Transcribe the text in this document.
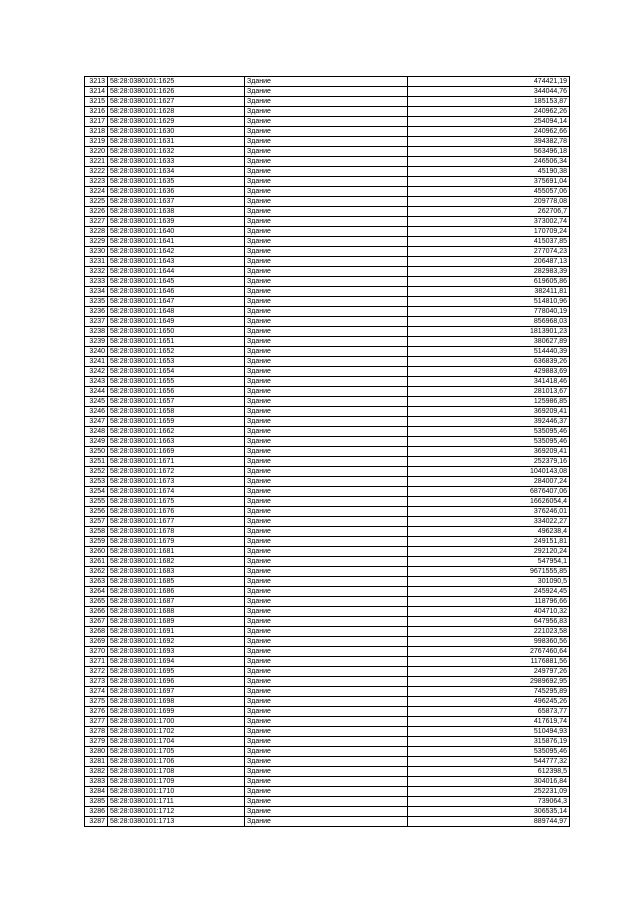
3213	58:28:0380101:1625	Здание	474421,19
3214	58:28:0380101:1626	Здание	344044,76
3215	58:28:0380101:1627	Здание	185153,87
3216	58:28:0380101:1628	Здание	240962,26
3217	58:28:0380101:1629	Здание	254094,14
3218	58:28:0380101:1630	Здание	240962,66
3219	58:28:0380101:1631	Здание	394382,78
3220	58:28:0380101:1632	Здание	563496,18
3221	58:28:0380101:1633	Здание	246506,34
3222	58:28:0380101:1634	Здание	45190,38
3223	58:28:0380101:1635	Здание	375691,04
3224	58:28:0380101:1636	Здание	455057,06
3225	58:28:0380101:1637	Здание	209778,08
3226	58:28:0380101:1638	Здание	262706,7
3227	58:28:0380101:1639	Здание	373002,74
3228	58:28:0380101:1640	Здание	170709,24
3229	58:28:0380101:1641	Здание	415037,85
3230	58:28:0380101:1642	Здание	277074,23
3231	58:28:0380101:1643	Здание	206487,13
3232	58:28:0380101:1644	Здание	282983,39
3233	58:28:0380101:1645	Здание	619605,86
3234	58:28:0380101:1646	Здание	382411,81
3235	58:28:0380101:1647	Здание	514810,96
3236	58:28:0380101:1648	Здание	778040,19
3237	58:28:0380101:1649	Здание	856968,03
3238	58:28:0380101:1650	Здание	1813901,23
3239	58:28:0380101:1651	Здание	380627,89
3240	58:28:0380101:1652	Здание	514440,39
3241	58:28:0380101:1653	Здание	636839,26
3242	58:28:0380101:1654	Здание	429883,69
3243	58:28:0380101:1655	Здание	341418,46
3244	58:28:0380101:1656	Здание	281013,67
3245	58:28:0380101:1657	Здание	125986,85
3246	58:28:0380101:1658	Здание	369209,41
3247	58:28:0380101:1659	Здание	392446,37
3248	58:28:0380101:1662	Здание	535095,46
3249	58:28:0380101:1663	Здание	535095,46
3250	58:28:0380101:1669	Здание	369209,41
3251	58:28:0380101:1671	Здание	252379,16
3252	58:28:0380101:1672	Здание	1040143,08
3253	58:28:0380101:1673	Здание	284007,24
3254	58:28:0380101:1674	Здание	6876407,06
3255	58:28:0380101:1675	Здание	16626054,4
3256	58:28:0380101:1676	Здание	376246,01
3257	58:28:0380101:1677	Здание	334022,27
3258	58:28:0380101:1678	Здание	496238,4
3259	58:28:0380101:1679	Здание	249151,81
3260	58:28:0380101:1681	Здание	292120,24
3261	58:28:0380101:1682	Здание	547954,1
3262	58:28:0380101:1683	Здание	9671555,85
3263	58:28:0380101:1685	Здание	301090,5
3264	58:28:0380101:1686	Здание	245924,45
3265	58:28:0380101:1687	Здание	118796,66
3266	58:28:0380101:1688	Здание	404710,32
3267	58:28:0380101:1689	Здание	647956,83
3268	58:28:0380101:1691	Здание	221023,58
3269	58:28:0380101:1692	Здание	998360,56
3270	58:28:0380101:1693	Здание	2767460,64
3271	58:28:0380101:1694	Здание	1176881,56
3272	58:28:0380101:1695	Здание	249797,26
3273	58:28:0380101:1696	Здание	2989692,95
3274	58:28:0380101:1697	Здание	745295,89
3275	58:28:0380101:1698	Здание	496245,26
3276	58:28:0380101:1699	Здание	65873,77
3277	58:28:0380101:1700	Здание	417619,74
3278	58:28:0380101:1702	Здание	510494,93
3279	58:28:0380101:1704	Здание	315876,19
3280	58:28:0380101:1705	Здание	535095,46
3281	58:28:0380101:1706	Здание	544777,32
3282	58:28:0380101:1708	Здание	612398,5
3283	58:28:0380101:1709	Здание	304016,84
3284	58:28:0380101:1710	Здание	252231,09
3285	58:28:0380101:1711	Здание	739064,3
3286	58:28:0380101:1712	Здание	306535,14
3287	58:28:0380101:1713	Здание	889744,97
